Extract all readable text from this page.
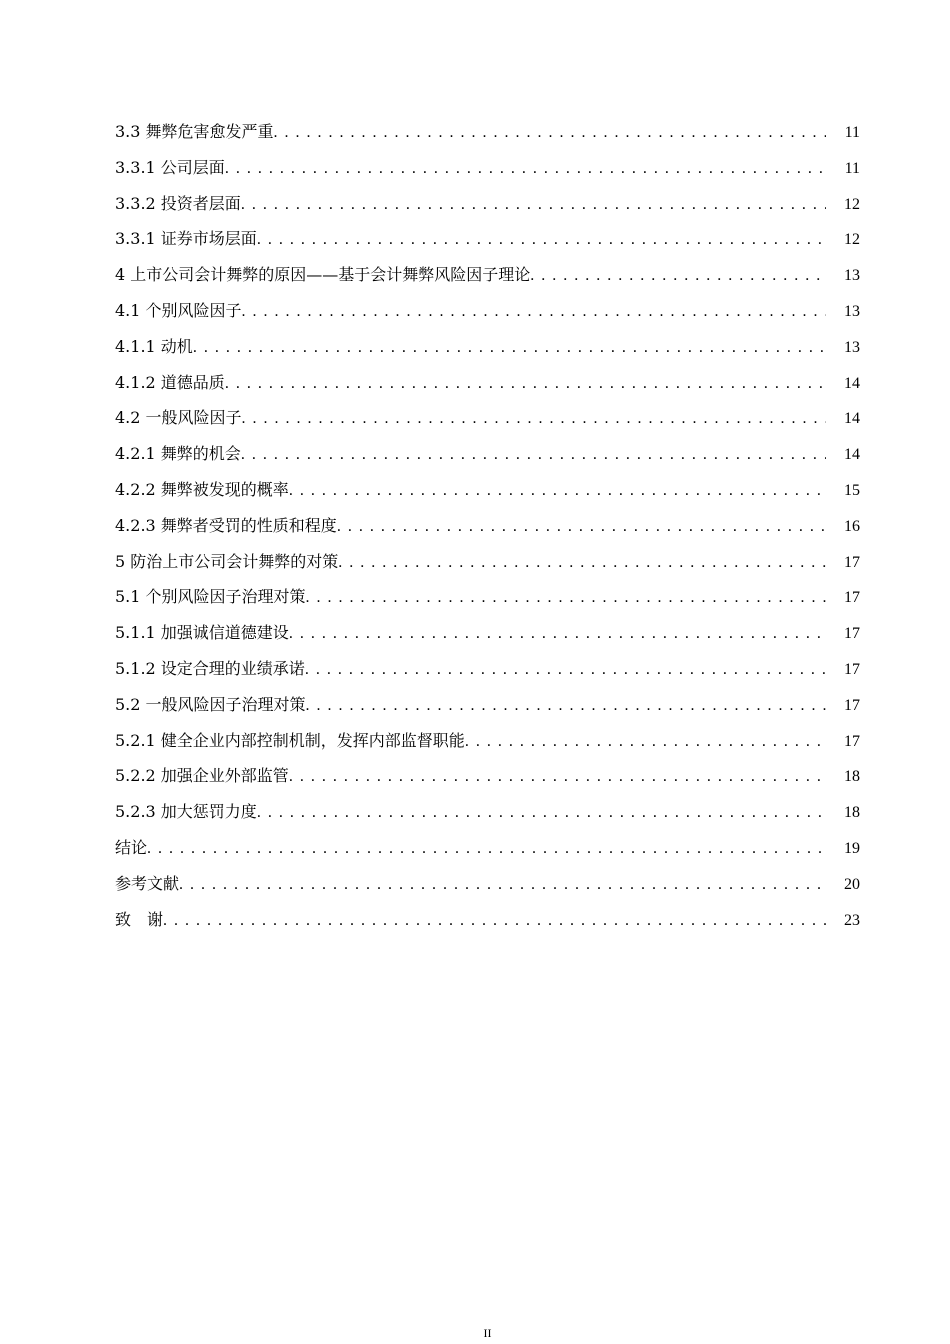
3.3 舞弊危害愈发严重 . . .	11
3.3.1 公司层面 . . .	11
3.3.2 投资者层面 . . .	12
3.3.1 证券市场层面 . . .	12
4 上市公司会计舞弊的原因——基于会计舞弊风险因子理论 . . .	13
4.1 个别风险因子 . . .	13
4.1.1 动机 . . .	13
4.1.2 道德品质 . . .	14
4.2 一般风险因子 . . .	14
4.2.1 舞弊的机会 . . .	14
4.2.2 舞弊被发现的概率 . . .	15
4.2.3 舞弊者受罚的性质和程度 . . .	16
5 防治上市公司会计舞弊的对策 . . .	17
5.1 个别风险因子治理对策 . . .	17
5.1.1 加强诚信道德建设 . . .	17
5.1.2 设定合理的业绩承诺 . . .	17
5.2 一般风险因子治理对策 . . .	17
5.2.1 健全企业内部控制机制，发挥内部监督职能 . . .	17
5.2.2 加强企业外部监管 . . .	18
5.2.3 加大惩罚力度 . . .	18
结论 . . .	19
参考文献 . . .	20
致　谢 . . .	23
II
